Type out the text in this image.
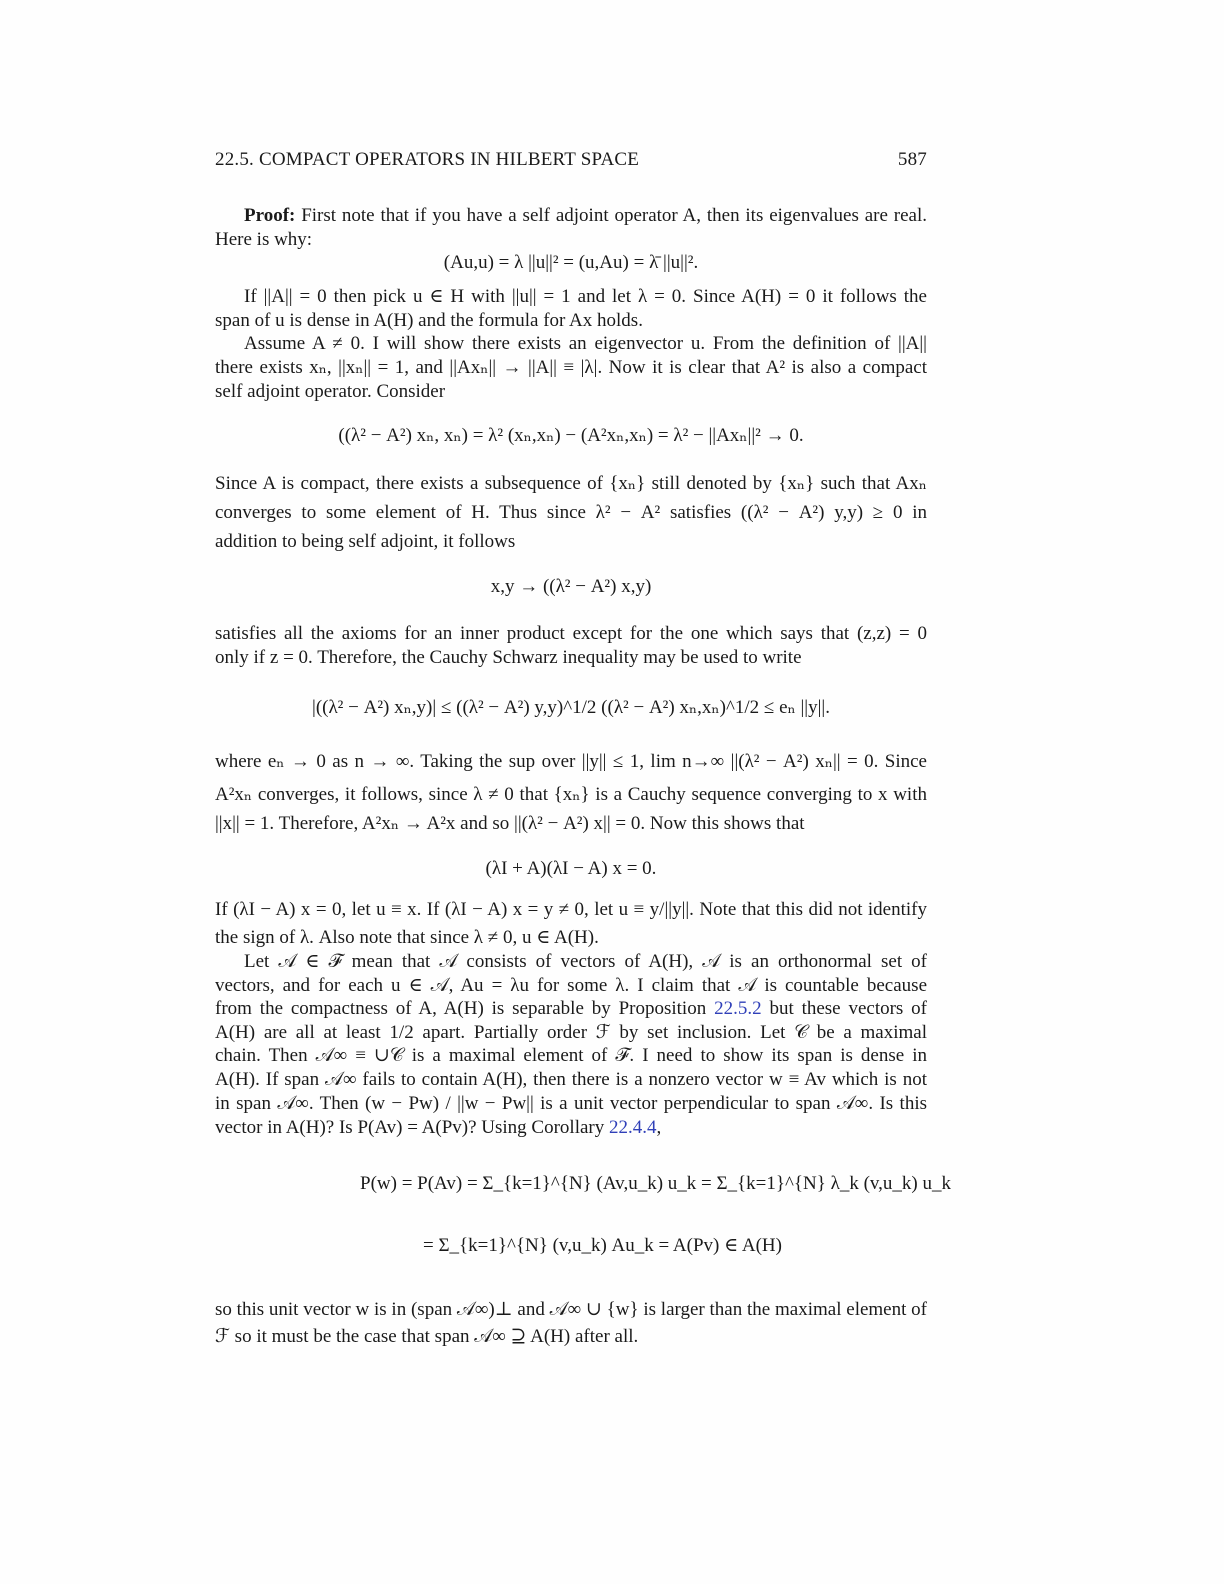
22.5. COMPACT OPERATORS IN HILBERT SPACE	587
Proof: First note that if you have a self adjoint operator A, then its eigenvalues are real.
Here is why:
(Au,u) = λ ||u||² = (u,Au) = λ̄ ||u||².
If ||A|| = 0 then pick u ∈ H with ||u|| = 1 and let λ = 0. Since A(H) = 0 it follows the
span of u is dense in A(H) and the formula for Ax holds.
Assume A ≠ 0. I will show there exists an eigenvector u. From the definition of ||A||
there exists xₙ, ||xₙ|| = 1, and ||Axₙ|| → ||A|| ≡ |λ|. Now it is clear that A² is also a compact
self adjoint operator. Consider
((λ² − A²) xₙ, xₙ) = λ² (xₙ,xₙ) − (A²xₙ,xₙ) = λ² − ||Axₙ||² → 0.
Since A is compact, there exists a subsequence of {xₙ} still denoted by {xₙ} such that Axₙ
converges to some element of H. Thus since λ² − A² satisfies ((λ² − A²) y,y) ≥ 0 in
addition to being self adjoint, it follows
x,y → ((λ² − A²) x,y)
satisfies all the axioms for an inner product except for the one which says that (z,z) = 0
only if z = 0. Therefore, the Cauchy Schwarz inequality may be used to write
|((λ² − A²) xₙ,y)| ≤ ((λ² − A²) y,y)^1/2 ((λ² − A²) xₙ,xₙ)^1/2 ≤ eₙ ||y||.
where eₙ → 0 as n → ∞. Taking the sup over ||y|| ≤ 1, lim n→∞ ||(λ² − A²) xₙ|| = 0. Since
A²xₙ converges, it follows, since λ ≠ 0 that {xₙ} is a Cauchy sequence converging to x with
||x|| = 1. Therefore, A²xₙ → A²x and so ||(λ² − A²) x|| = 0. Now this shows that
(λI + A)(λI − A) x = 0.
If (λI − A) x = 0, let u ≡ x. If (λI − A) x = y ≠ 0, let u ≡ y/||y||. Note that this did not identify
the sign of λ. Also note that since λ ≠ 0, u ∈ A(H).
Let 𝒜 ∈ ℱ mean that 𝒜 consists of vectors of A(H), 𝒜 is an orthonormal set of
vectors, and for each u ∈ 𝒜, Au = λu for some λ. I claim that 𝒜 is countable because
from the compactness of A, A(H) is separable by Proposition 22.5.2 but these vectors of
A(H) are all at least 1/2 apart. Partially order ℱ by set inclusion. Let 𝒞 be a maximal
chain. Then 𝒜∞ ≡ ∪𝒞 is a maximal element of ℱ. I need to show its span is dense in
A(H). If span 𝒜∞ fails to contain A(H), then there is a nonzero vector w ≡ Av which is not
in span 𝒜∞. Then (w − Pw) / ||w − Pw|| is a unit vector perpendicular to span 𝒜∞. Is this
vector in A(H)? Is P(Av) = A(Pv)? Using Corollary 22.4.4,
P(w) = P(Av) = Σ_{k=1}^{N} (Av,u_k) u_k = Σ_{k=1}^{N} λ_k (v,u_k) u_k
= Σ_{k=1}^{N} (v,u_k) Au_k = A(Pv) ∈ A(H)
so this unit vector w is in (span 𝒜∞)⊥ and 𝒜∞ ∪ {w} is larger than the maximal element of
ℱ so it must be the case that span 𝒜∞ ⊇ A(H) after all.
